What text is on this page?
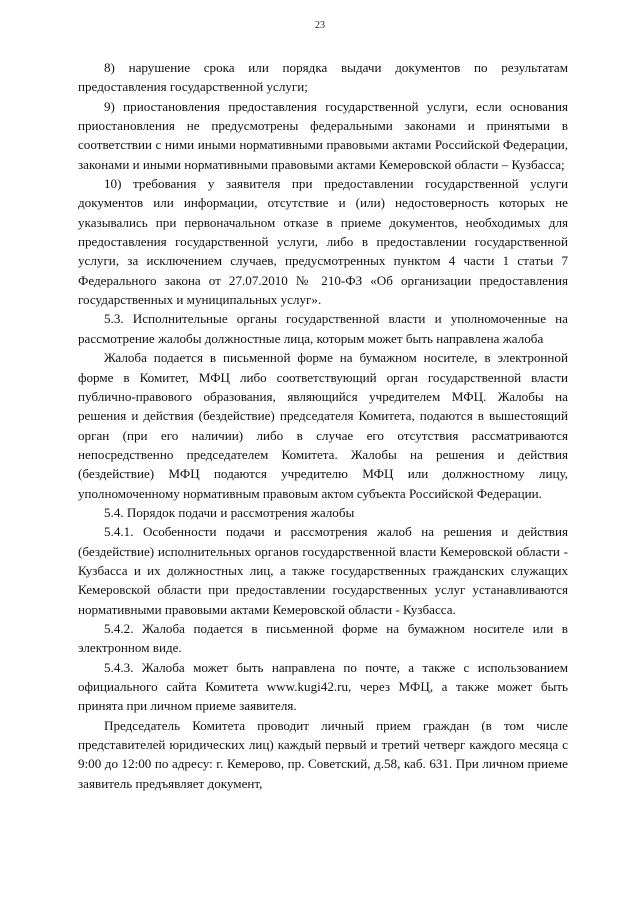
23

8) нарушение срока или порядка выдачи документов по результатам предоставления государственной услуги;

9) приостановления предоставления государственной услуги, если основания приостановления не предусмотрены федеральными законами и принятыми в соответствии с ними иными нормативными правовыми актами Российской Федерации, законами и иными нормативными правовыми актами Кемеровской области – Кузбасса;

10) требования у заявителя при предоставлении государственной услуги документов или информации, отсутствие и (или) недостоверность которых не указывались при первоначальном отказе в приеме документов, необходимых для предоставления государственной услуги, либо в предоставлении государственной услуги, за исключением случаев, предусмотренных пунктом 4 части 1 статьи 7 Федерального закона от 27.07.2010 № 210-ФЗ «Об организации предоставления государственных и муниципальных услуг».

5.3. Исполнительные органы государственной власти и уполномоченные на рассмотрение жалобы должностные лица, которым может быть направлена жалоба

Жалоба подается в письменной форме на бумажном носителе, в электронной форме в Комитет, МФЦ либо соответствующий орган государственной власти публично-правового образования, являющийся учредителем МФЦ. Жалобы на решения и действия (бездействие) председателя Комитета, подаются в вышестоящий орган (при его наличии) либо в случае его отсутствия рассматриваются непосредственно председателем Комитета. Жалобы на решения и действия (бездействие) МФЦ подаются учредителю МФЦ или должностному лицу, уполномоченному нормативным правовым актом субъекта Российской Федерации.

5.4. Порядок подачи и рассмотрения жалобы

5.4.1. Особенности подачи и рассмотрения жалоб на решения и действия (бездействие) исполнительных органов государственной власти Кемеровской области - Кузбасса и их должностных лиц, а также государственных гражданских служащих Кемеровской области при предоставлении государственных услуг устанавливаются нормативными правовыми актами Кемеровской области - Кузбасса.

5.4.2. Жалоба подается в письменной форме на бумажном носителе или в электронном виде.

5.4.3. Жалоба может быть направлена по почте, а также с использованием официального сайта Комитета www.kugi42.ru, через МФЦ, а также может быть принята при личном приеме заявителя.

Председатель Комитета проводит личный прием граждан (в том числе представителей юридических лиц) каждый первый и третий четверг каждого месяца с 9:00 до 12:00 по адресу: г. Кемерово, пр. Советский, д.58, каб. 631. При личном приеме заявитель предъявляет документ,
